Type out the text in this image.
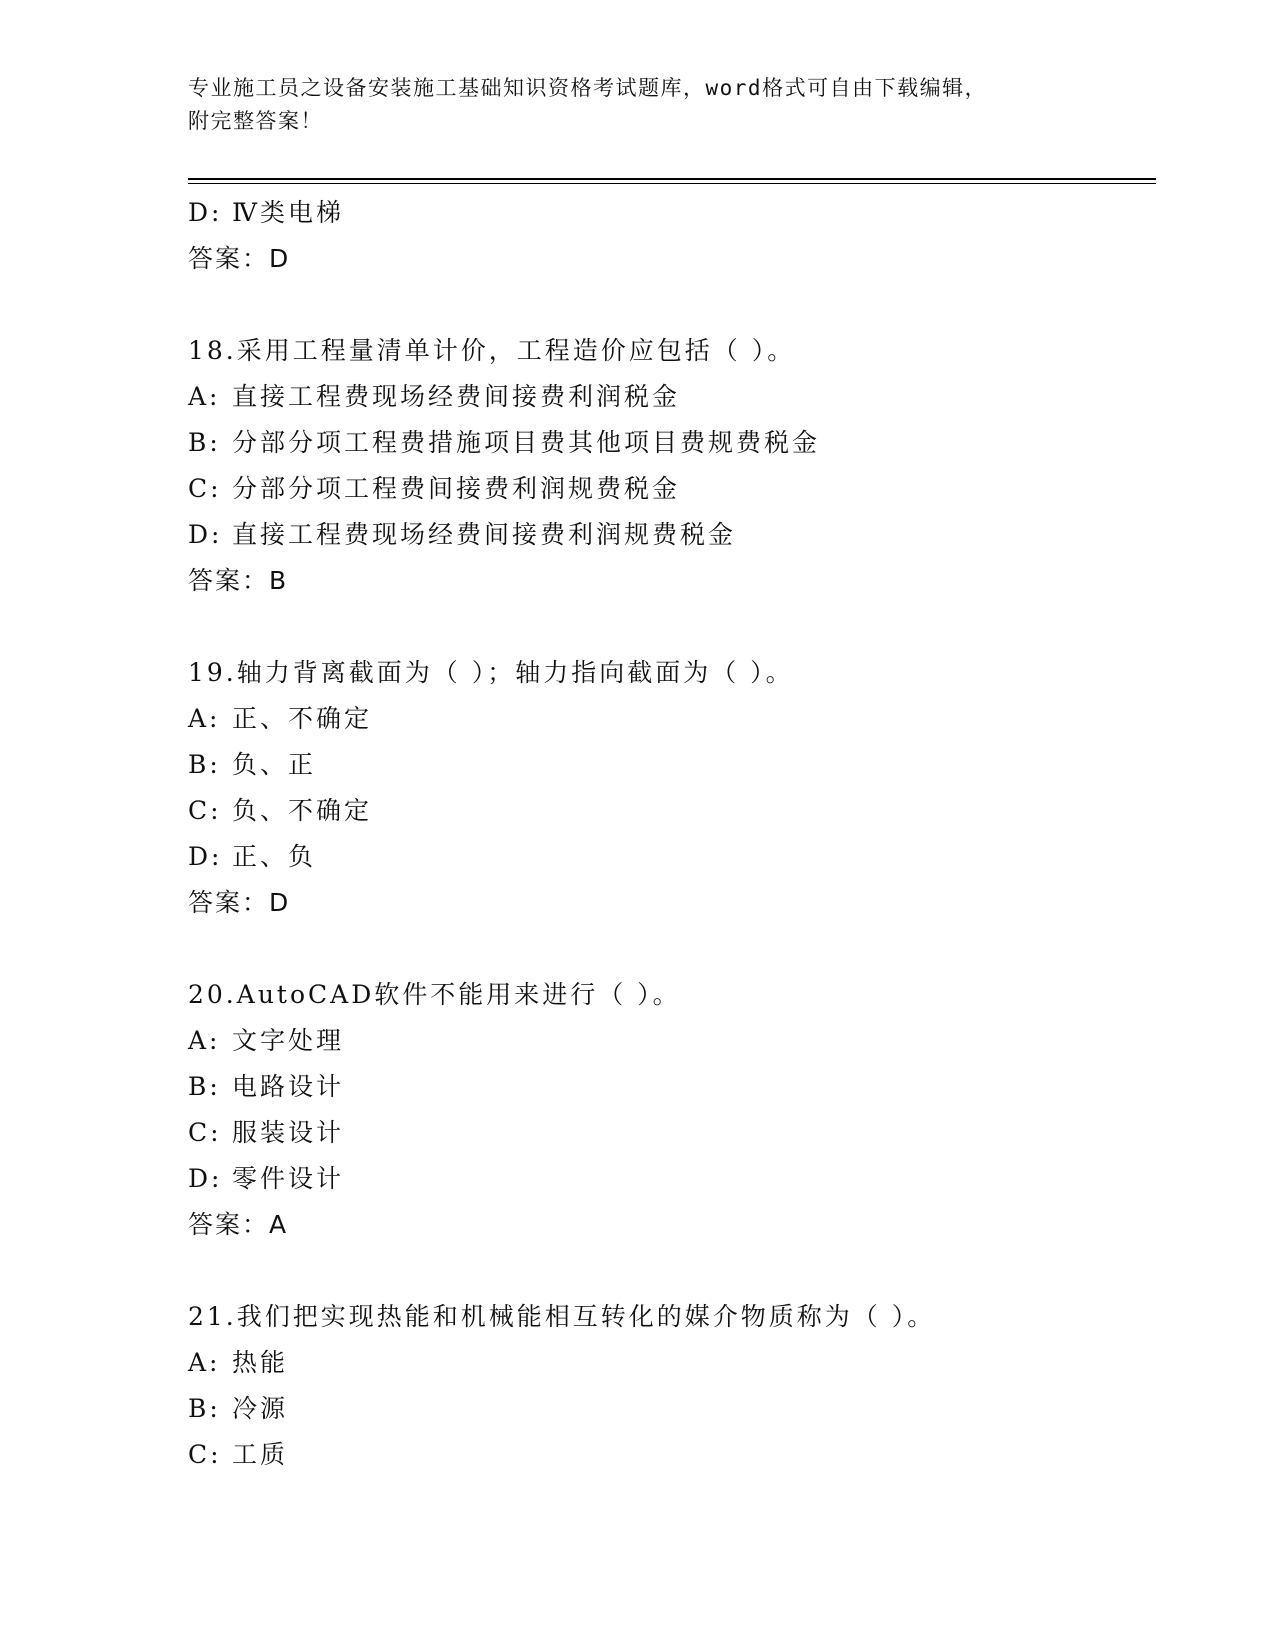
专业施工员之设备安装施工基础知识资格考试题库，word格式可自由下载编辑，
附完整答案！
D: Ⅳ类电梯
答案：D
18.采用工程量清单计价，工程造价应包括（ ）。
A: 直接工程费现场经费间接费利润税金
B: 分部分项工程费措施项目费其他项目费规费税金
C: 分部分项工程费间接费利润规费税金
D: 直接工程费现场经费间接费利润规费税金
答案：B
19.轴力背离截面为（ ）；轴力指向截面为（ ）。
A: 正、不确定
B: 负、正
C: 负、不确定
D: 正、负
答案：D
20.AutoCAD软件不能用来进行（ ）。
A: 文字处理
B: 电路设计
C: 服装设计
D: 零件设计
答案：A
21.我们把实现热能和机械能相互转化的媒介物质称为（ ）。
A: 热能
B: 冷源
C: 工质
